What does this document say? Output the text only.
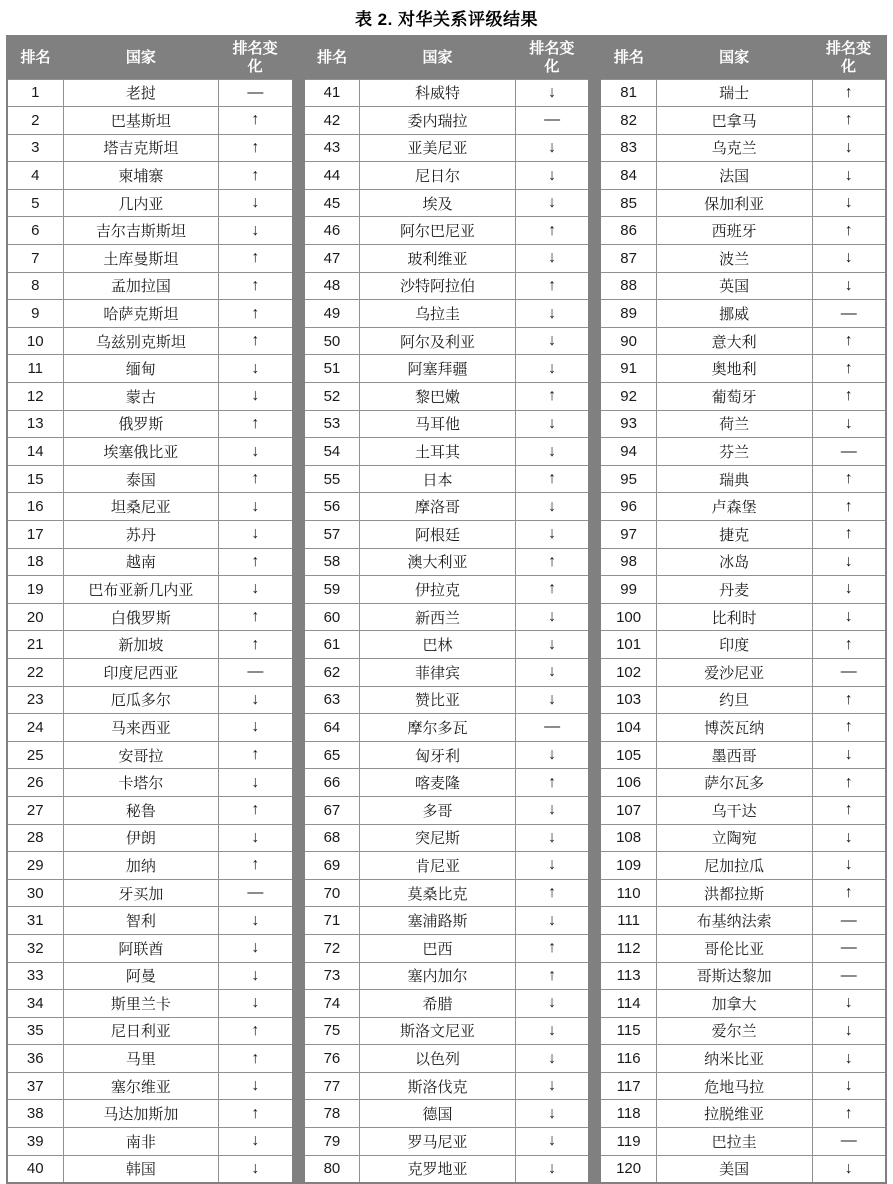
表 2. 对华关系评级结果
排名	国家	排名变化
1	老挝	—
2	巴基斯坦	↑
3	塔吉克斯坦	↑
4	柬埔寨	↑
5	几内亚	↓
6	吉尔吉斯斯坦	↓
7	土库曼斯坦	↑
8	孟加拉国	↑
9	哈萨克斯坦	↑
10	乌兹别克斯坦	↑
11	缅甸	↓
12	蒙古	↓
13	俄罗斯	↑
14	埃塞俄比亚	↓
15	泰国	↑
16	坦桑尼亚	↓
17	苏丹	↓
18	越南	↑
19	巴布亚新几内亚	↓
20	白俄罗斯	↑
21	新加坡	↑
22	印度尼西亚	—
23	厄瓜多尔	↓
24	马来西亚	↓
25	安哥拉	↑
26	卡塔尔	↓
27	秘鲁	↑
28	伊朗	↓
29	加纳	↑
30	牙买加	—
31	智利	↓
32	阿联酋	↓
33	阿曼	↓
34	斯里兰卡	↓
35	尼日利亚	↑
36	马里	↑
37	塞尔维亚	↓
38	马达加斯加	↑
39	南非	↓
40	韩国	↓
排名	国家	排名变化
41	科威特	↓
42	委内瑞拉	—
43	亚美尼亚	↓
44	尼日尔	↓
45	埃及	↓
46	阿尔巴尼亚	↑
47	玻利维亚	↓
48	沙特阿拉伯	↑
49	乌拉圭	↓
50	阿尔及利亚	↓
51	阿塞拜疆	↓
52	黎巴嫩	↑
53	马耳他	↓
54	土耳其	↓
55	日本	↑
56	摩洛哥	↓
57	阿根廷	↓
58	澳大利亚	↑
59	伊拉克	↑
60	新西兰	↓
61	巴林	↓
62	菲律宾	↓
63	赞比亚	↓
64	摩尔多瓦	—
65	匈牙利	↓
66	喀麦隆	↑
67	多哥	↓
68	突尼斯	↓
69	肯尼亚	↓
70	莫桑比克	↑
71	塞浦路斯	↓
72	巴西	↑
73	塞内加尔	↑
74	希腊	↓
75	斯洛文尼亚	↓
76	以色列	↓
77	斯洛伐克	↓
78	德国	↓
79	罗马尼亚	↓
80	克罗地亚	↓
排名	国家	排名变化
81	瑞士	↑
82	巴拿马	↑
83	乌克兰	↓
84	法国	↓
85	保加利亚	↓
86	西班牙	↑
87	波兰	↓
88	英国	↓
89	挪威	—
90	意大利	↑
91	奥地利	↑
92	葡萄牙	↑
93	荷兰	↓
94	芬兰	—
95	瑞典	↑
96	卢森堡	↑
97	捷克	↑
98	冰岛	↓
99	丹麦	↓
100	比利时	↓
101	印度	↑
102	爱沙尼亚	—
103	约旦	↑
104	博茨瓦纳	↑
105	墨西哥	↓
106	萨尔瓦多	↑
107	乌干达	↑
108	立陶宛	↓
109	尼加拉瓜	↓
110	洪都拉斯	↑
111	布基纳法索	—
112	哥伦比亚	—
113	哥斯达黎加	—
114	加拿大	↓
115	爱尔兰	↓
116	纳米比亚	↓
117	危地马拉	↓
118	拉脱维亚	↑
119	巴拉圭	—
120	美国	↓
